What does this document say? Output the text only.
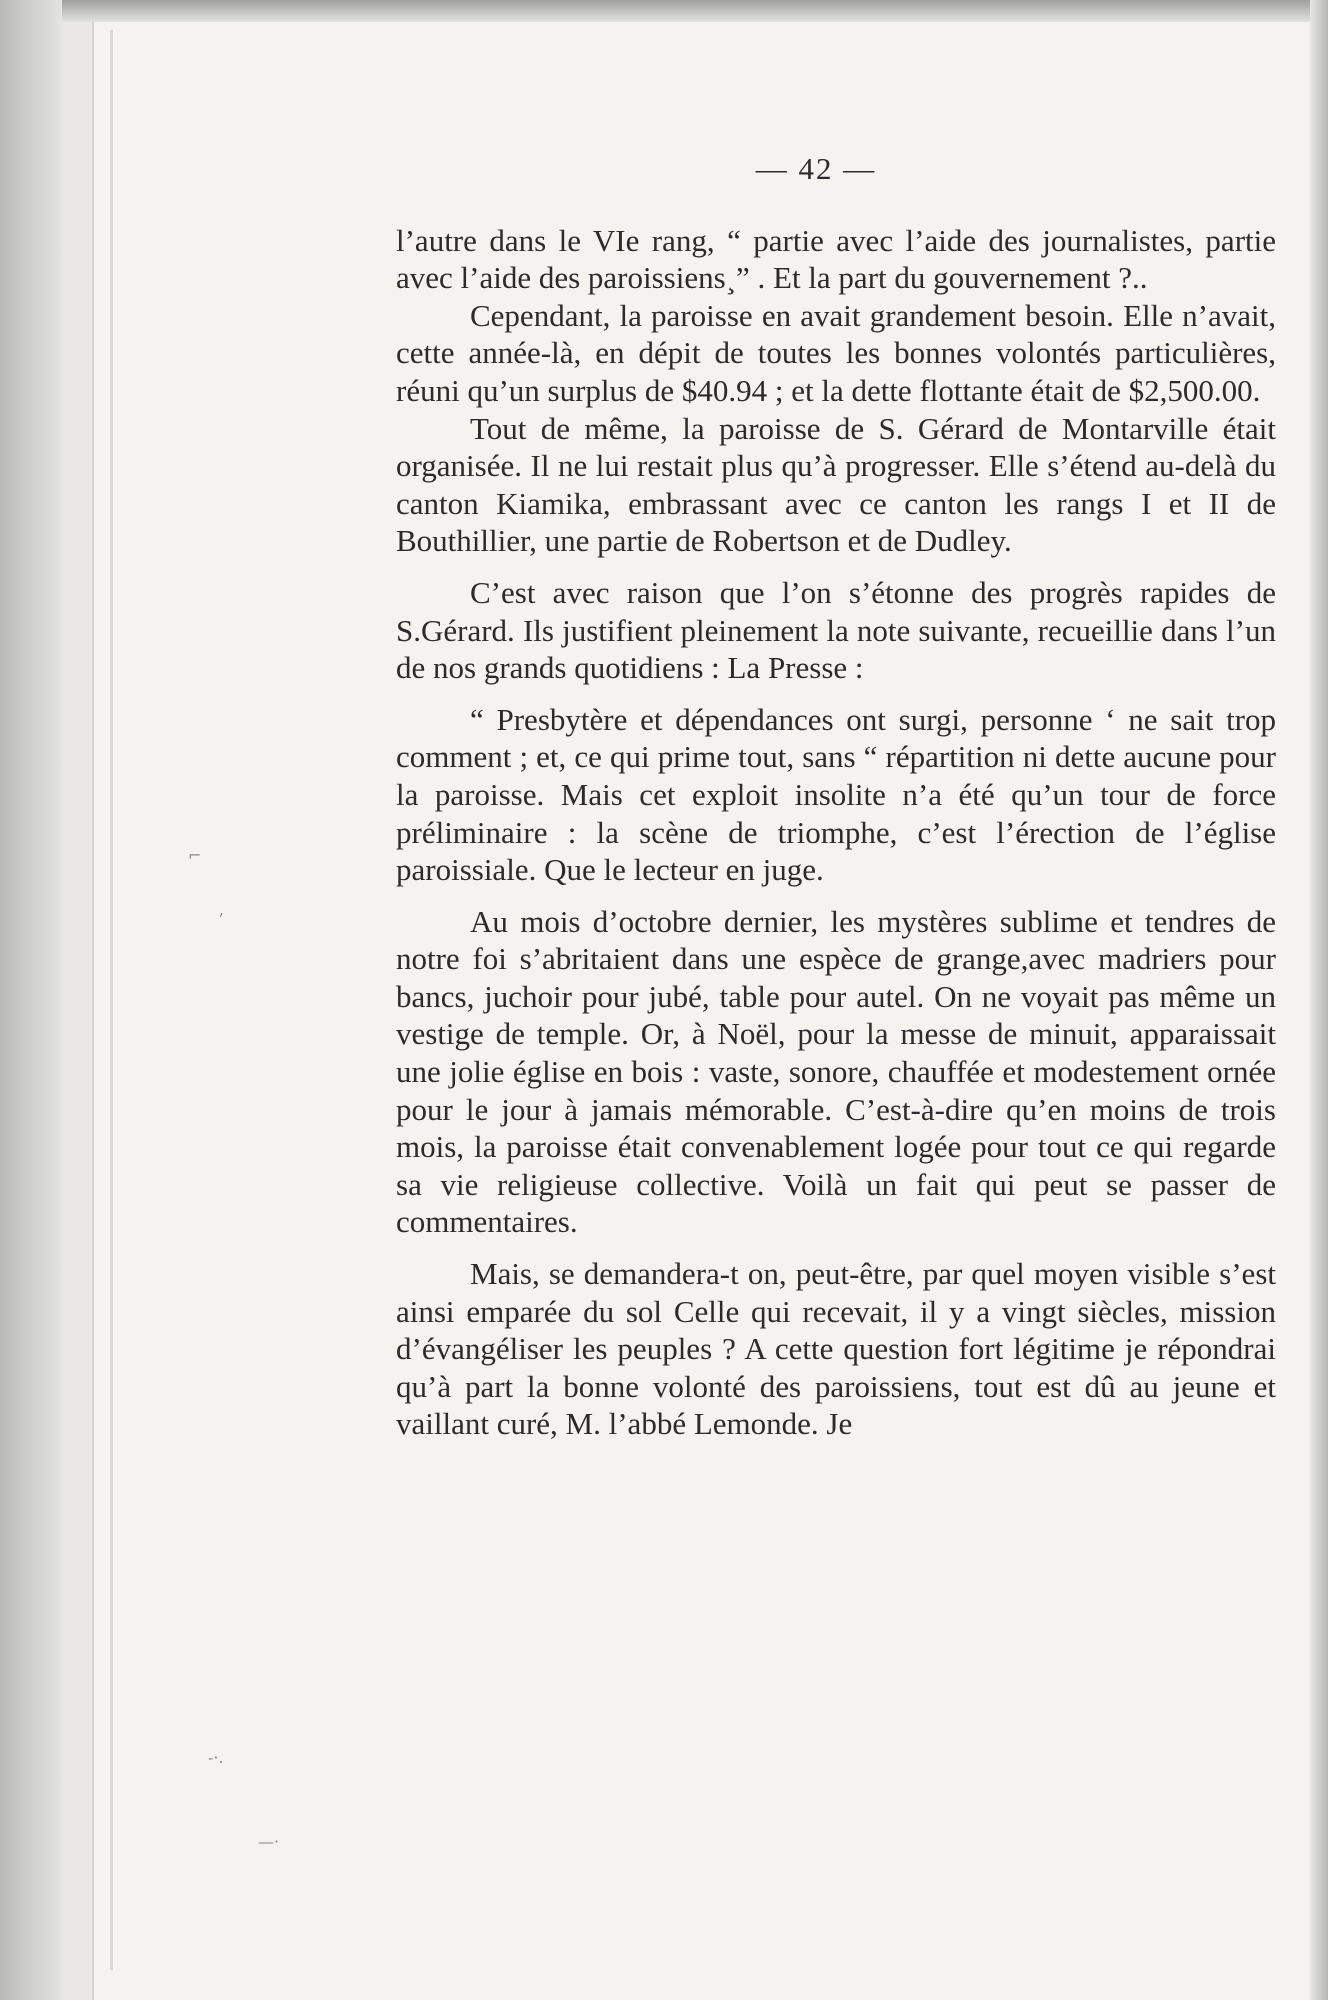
⌐
ʼ
-·.
—·
— 42 —

l’autre dans le VIe rang, “ partie avec l’aide des journalistes, partie avec l’aide des paroissiens¸” . Et la part du gouvernement ?..

Cependant, la paroisse en avait grandement besoin. Elle n’avait, cette année-là, en dépit de toutes les bonnes volontés particulières, réuni qu’un surplus de $40.94 ; et la dette flottante était de $2,500.00.

Tout de même, la paroisse de S. Gérard de Montarville était organisée. Il ne lui restait plus qu’à progresser. Elle s’étend au-delà du canton Kiamika, embrassant avec ce canton les rangs I et II de Bouthillier, une partie de Robertson et de Dudley.

C’est avec raison que l’on s’étonne des progrès rapides de S.Gérard. Ils justifient pleinement la note suivante, recueillie dans l’un de nos grands quotidiens : La Presse :

“ Presbytère et dépendances ont surgi, personne ‘ ne sait trop comment ; et, ce qui prime tout, sans “ répartition ni dette aucune pour la paroisse. Mais cet exploit insolite n’a été qu’un tour de force préliminaire : la scène de triomphe, c’est l’érection de l’église paroissiale. Que le lecteur en juge.

Au mois d’octobre dernier, les mystères sublime et tendres de notre foi s’abritaient dans une espèce de grange,avec madriers pour bancs, juchoir pour jubé, table pour autel. On ne voyait pas même un vestige de temple. Or, à Noël, pour la messe de minuit, apparaissait une jolie église en bois : vaste, sonore, chauffée et modestement ornée pour le jour à jamais mémorable. C’est-à-dire qu’en moins de trois mois, la paroisse était convenablement logée pour tout ce qui regarde sa vie religieuse collective. Voilà un fait qui peut se passer de commentaires.

Mais, se demandera-t on, peut-être, par quel moyen visible s’est ainsi emparée du sol Celle qui recevait, il y a vingt siècles, mission d’évangéliser les peuples ? A cette question fort légitime je répondrai qu’à part la bonne volonté des paroissiens, tout est dû au jeune et vaillant curé, M. l’abbé Lemonde. Je
